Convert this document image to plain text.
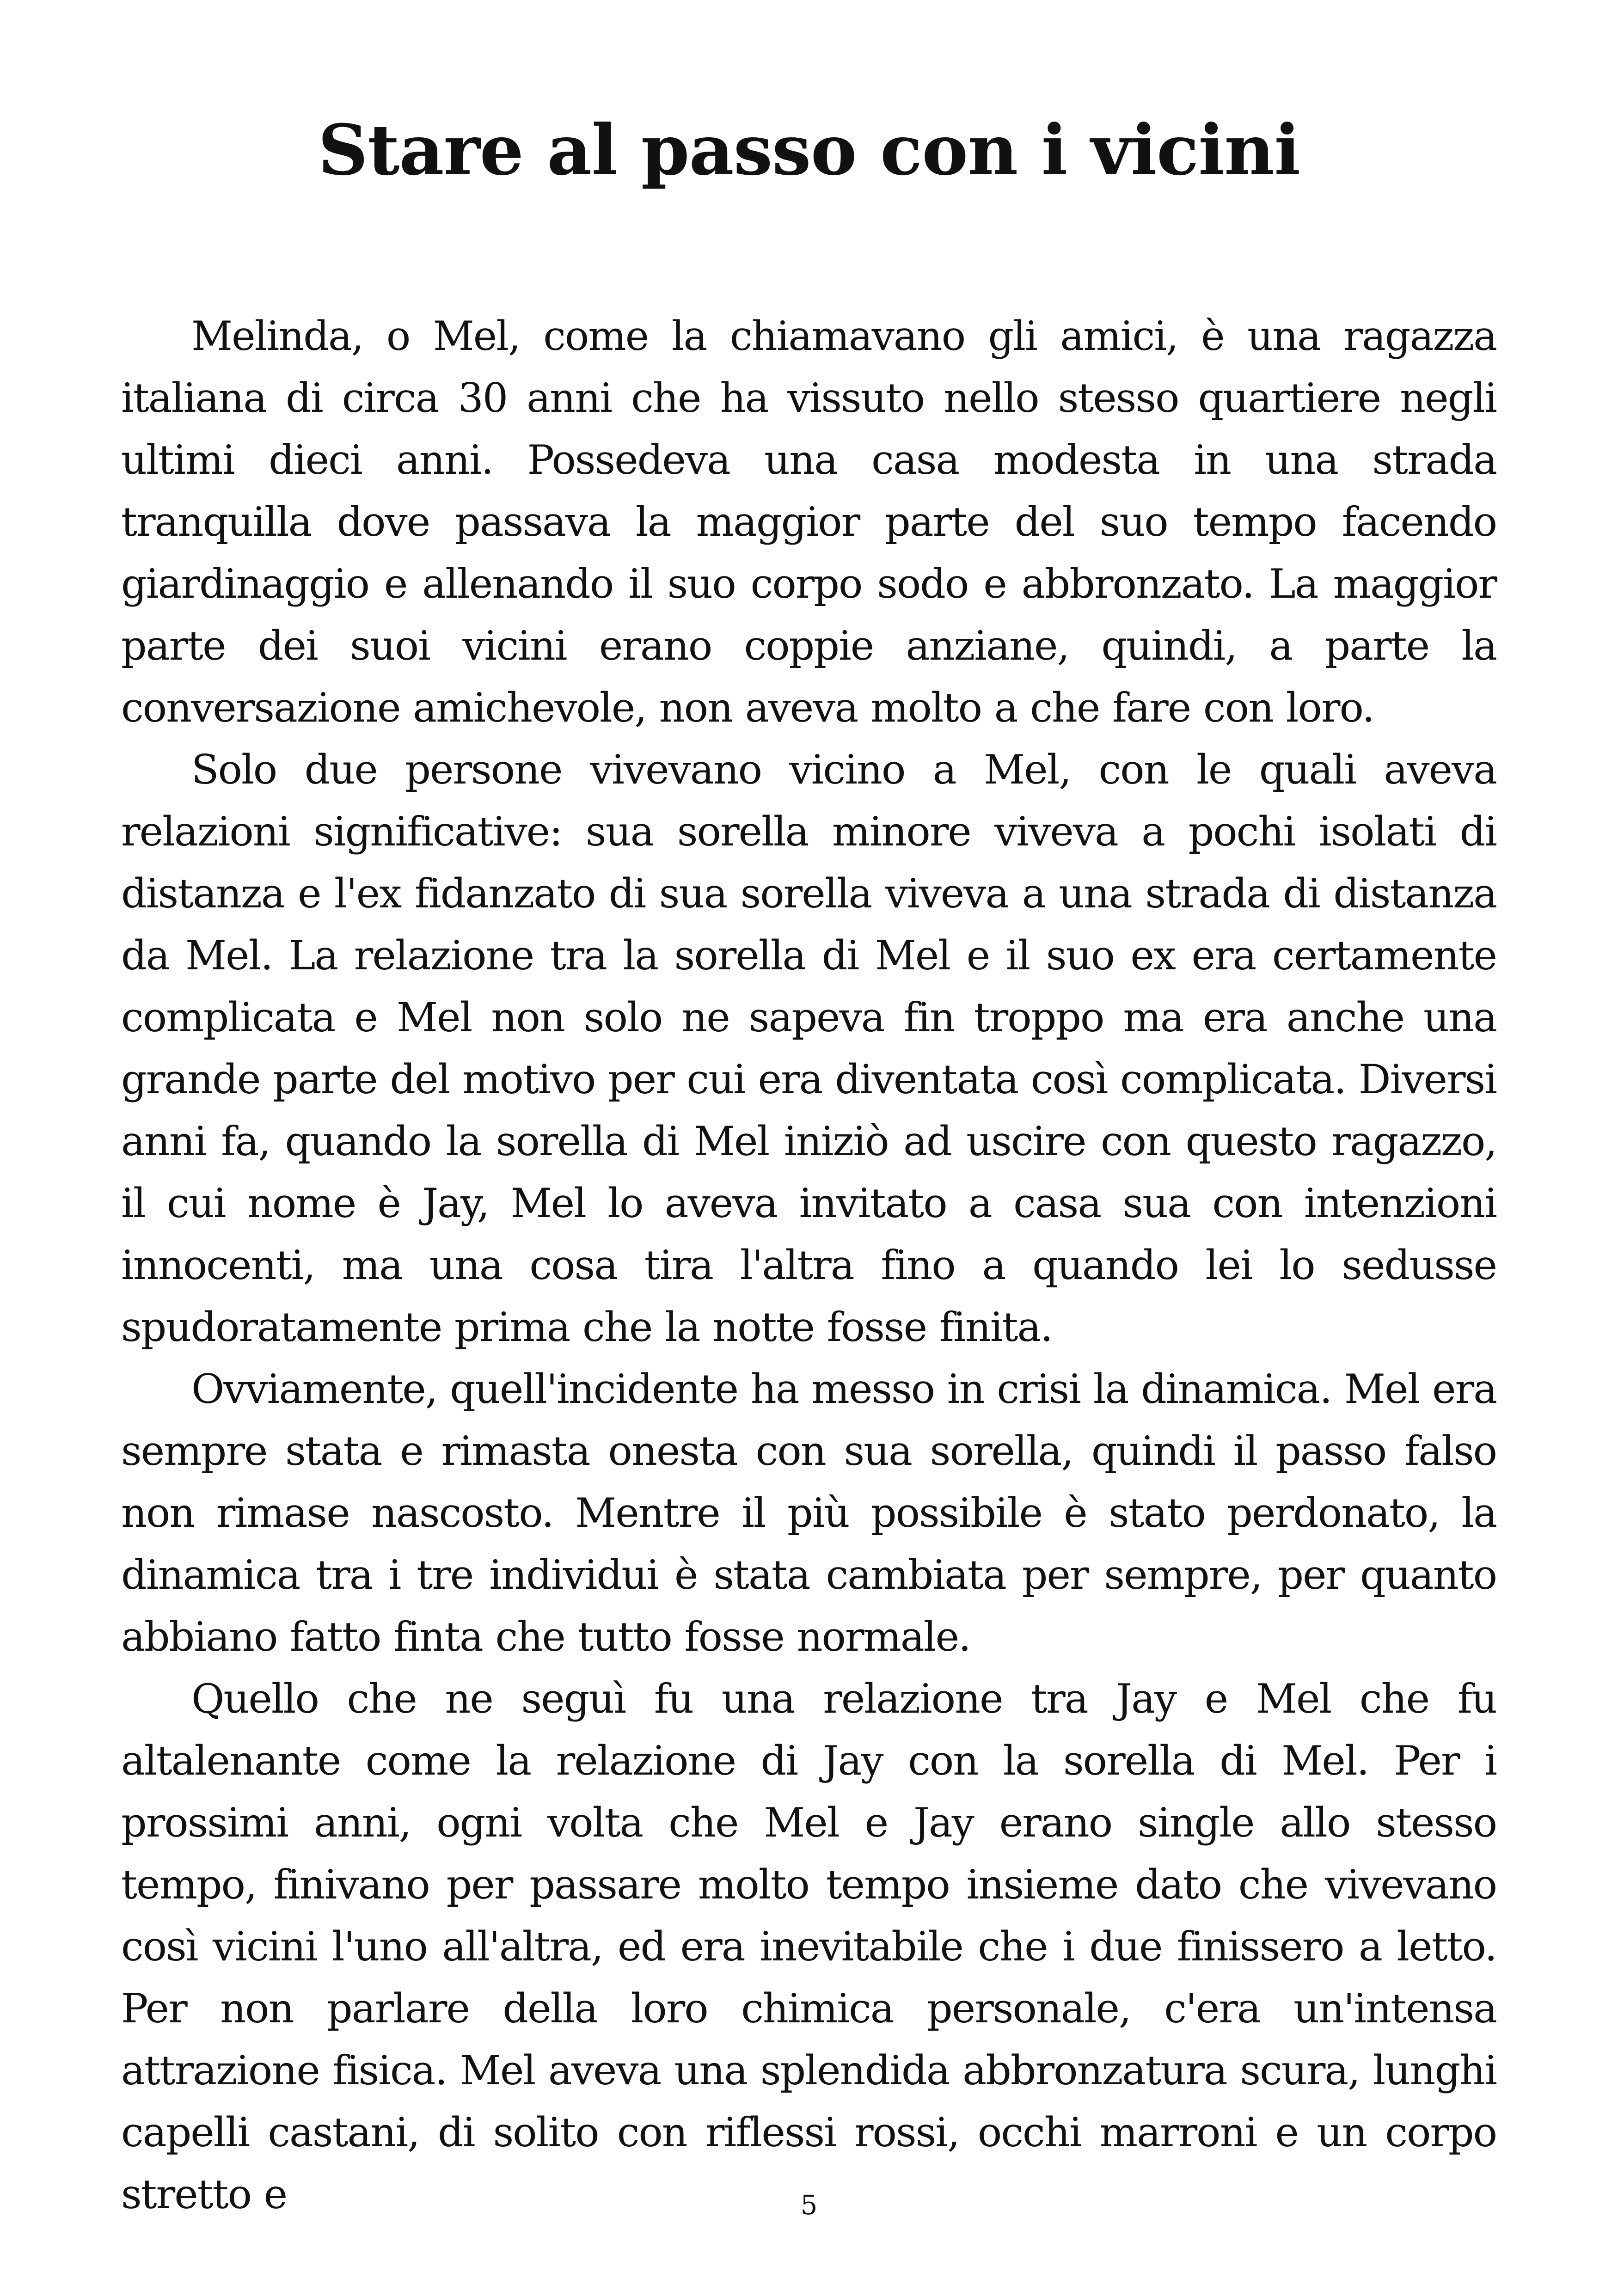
Stare al passo con i vicini

Melinda, o Mel, come la chiamavano gli amici, è una ragazza italiana di circa 30 anni che ha vissuto nello stesso quartiere negli ultimi dieci anni. Possedeva una casa modesta in una strada tranquilla dove passava la maggior parte del suo tempo facendo giardinaggio e allenando il suo corpo sodo e abbronzato. La maggior parte dei suoi vicini erano coppie anziane, quindi, a parte la conversazione amichevole, non aveva molto a che fare con loro.

Solo due persone vivevano vicino a Mel, con le quali aveva relazioni significative: sua sorella minore viveva a pochi isolati di distanza e l'ex fidanzato di sua sorella viveva a una strada di distanza da Mel. La relazione tra la sorella di Mel e il suo ex era certamente complicata e Mel non solo ne sapeva fin troppo ma era anche una grande parte del motivo per cui era diventata così complicata. Diversi anni fa, quando la sorella di Mel iniziò ad uscire con questo ragazzo, il cui nome è Jay, Mel lo aveva invitato a casa sua con intenzioni innocenti, ma una cosa tira l'altra fino a quando lei lo sedusse spudoratamente prima che la notte fosse finita.

Ovviamente, quell'incidente ha messo in crisi la dinamica. Mel era sempre stata e rimasta onesta con sua sorella, quindi il passo falso non rimase nascosto. Mentre il più possibile è stato perdonato, la dinamica tra i tre individui è stata cambiata per sempre, per quanto abbiano fatto finta che tutto fosse normale.

Quello che ne seguì fu una relazione tra Jay e Mel che fu altalenante come la relazione di Jay con la sorella di Mel. Per i prossimi anni, ogni volta che Mel e Jay erano single allo stesso tempo, finivano per passare molto tempo insieme dato che vivevano così vicini l'uno all'altra, ed era inevitabile che i due finissero a letto. Per non parlare della loro chimica personale, c'era un'intensa attrazione fisica. Mel aveva una splendida abbronzatura scura, lunghi capelli castani, di solito con riflessi rossi, occhi marroni e un corpo stretto e	5
